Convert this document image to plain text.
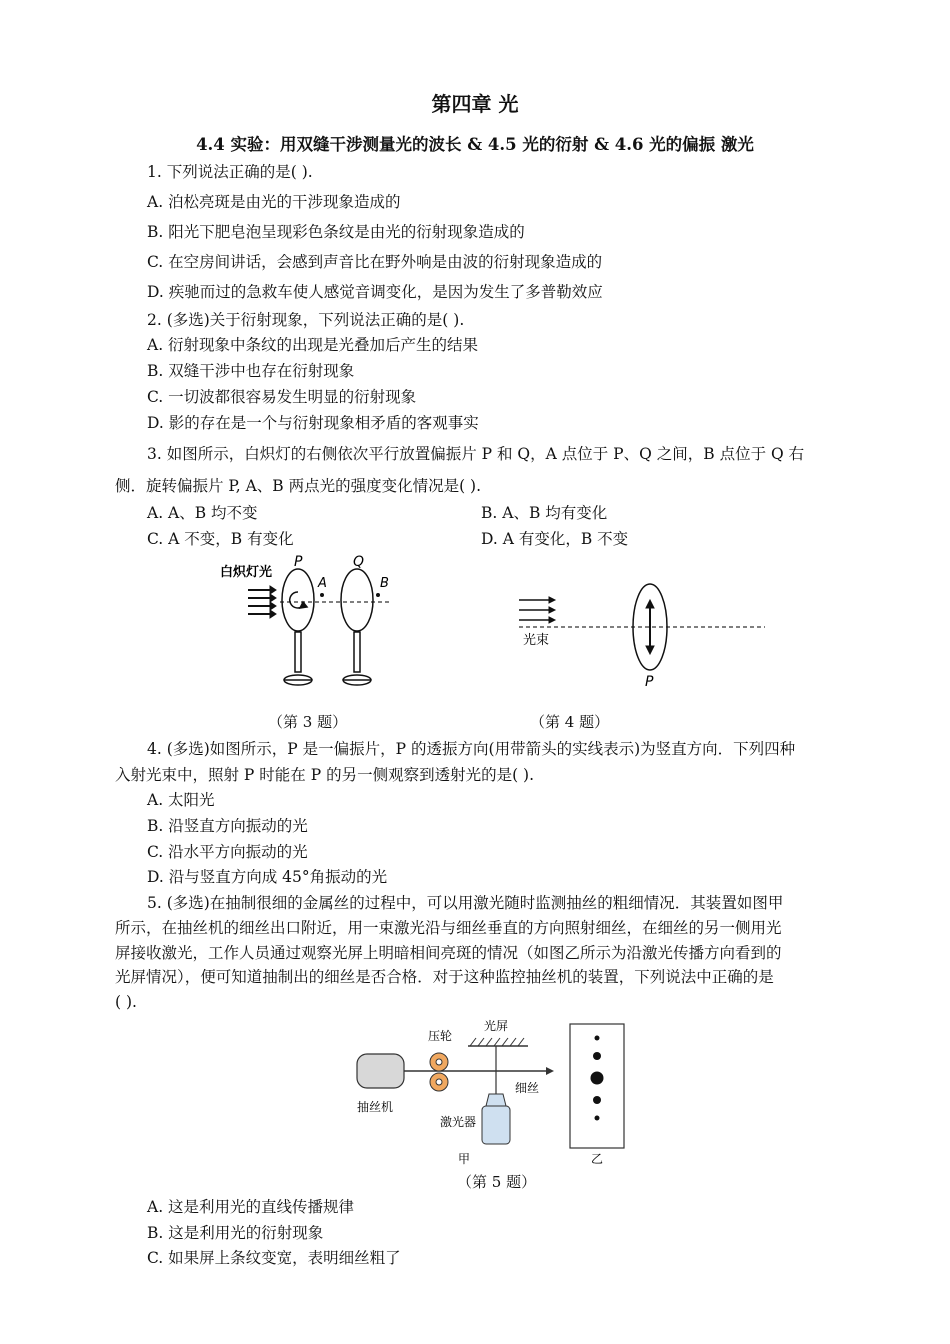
第四章 光
4.4 实验：用双缝干涉测量光的波长 & 4.5 光的衍射 & 4.6 光的偏振 激光
1. 下列说法正确的是( ).
A. 泊松亮斑是由光的干涉现象造成的
B. 阳光下肥皂泡呈现彩色条纹是由光的衍射现象造成的
C. 在空房间讲话，会感到声音比在野外响是由波的衍射现象造成的
D. 疾驰而过的急救车使人感觉音调变化，是因为发生了多普勒效应
2. (多选)关于衍射现象，下列说法正确的是( ).
A. 衍射现象中条纹的出现是光叠加后产生的结果
B. 双缝干涉中也存在衍射现象
C. 一切波都很容易发生明显的衍射现象
D. 影的存在是一个与衍射现象相矛盾的客观事实
3. 如图所示，白炽灯的右侧依次平行放置偏振片 P 和 Q，A 点位于 P、Q 之间，B 点位于 Q 右
侧．旋转偏振片 P, A、B 两点光的强度变化情况是( ).
A. A、B 均不变	B. A、B 均有变化
C. A 不变，B 有变化	D. A 有变化，B 不变
白炽灯光
P	Q
A	B
光束
P
（第 3 题）	（第 4 题）
4. (多选)如图所示，P 是一偏振片，P 的透振方向(用带箭头的实线表示)为竖直方向．下列四种
入射光束中，照射 P 时能在 P 的另一侧观察到透射光的是( ).
A. 太阳光
B. 沿竖直方向振动的光
C. 沿水平方向振动的光
D. 沿与竖直方向成 45°角振动的光
5. (多选)在抽制很细的金属丝的过程中，可以用激光随时监测抽丝的粗细情况．其装置如图甲
所示，在抽丝机的细丝出口附近，用一束激光沿与细丝垂直的方向照射细丝，在细丝的另一侧用光
屏接收激光，工作人员通过观察光屏上明暗相间亮斑的情况（如图乙所示为沿激光传播方向看到的
光屏情况），便可知道抽制出的细丝是否合格．对于这种监控抽丝机的装置，下列说法中正确的是
( ).
压轮
光屏
细丝
抽丝机
激光器
甲	乙
（第 5 题）
A. 这是利用光的直线传播规律
B. 这是利用光的衍射现象
C. 如果屏上条纹变宽，表明细丝粗了
